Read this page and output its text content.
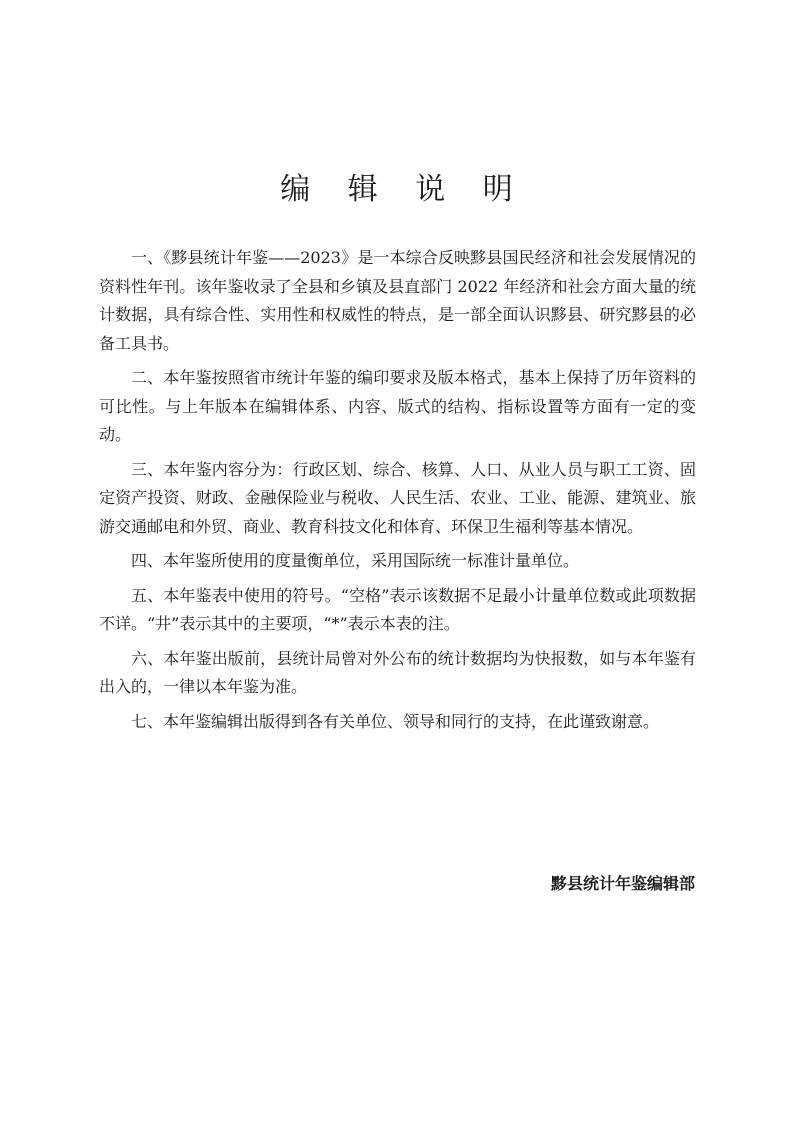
编 辑 说 明

一、《黟县统计年鉴——2023》是一本综合反映黟县国民经济和社会发展情况的资料性年刊。该年鉴收录了全县和乡镇及县直部门 2022 年经济和社会方面大量的统计数据，具有综合性、实用性和权威性的特点，是一部全面认识黟县、研究黟县的必备工具书。

二、本年鉴按照省市统计年鉴的编印要求及版本格式，基本上保持了历年资料的可比性。与上年版本在编辑体系、内容、版式的结构、指标设置等方面有一定的变动。

三、本年鉴内容分为：行政区划、综合、核算、人口、从业人员与职工工资、固定资产投资、财政、金融保险业与税收、人民生活、农业、工业、能源、建筑业、旅游交通邮电和外贸、商业、教育科技文化和体育、环保卫生福利等基本情况。

四、本年鉴所使用的度量衡单位，采用国际统一标准计量单位。

五、本年鉴表中使用的符号。“空格”表示该数据不足最小计量单位数或此项数据不详。“井”表示其中的主要项，“*”表示本表的注。

六、本年鉴出版前，县统计局曾对外公布的统计数据均为快报数，如与本年鉴有出入的，一律以本年鉴为准。

七、本年鉴编辑出版得到各有关单位、领导和同行的支持，在此谨致谢意。

黟县统计年鉴编辑部
